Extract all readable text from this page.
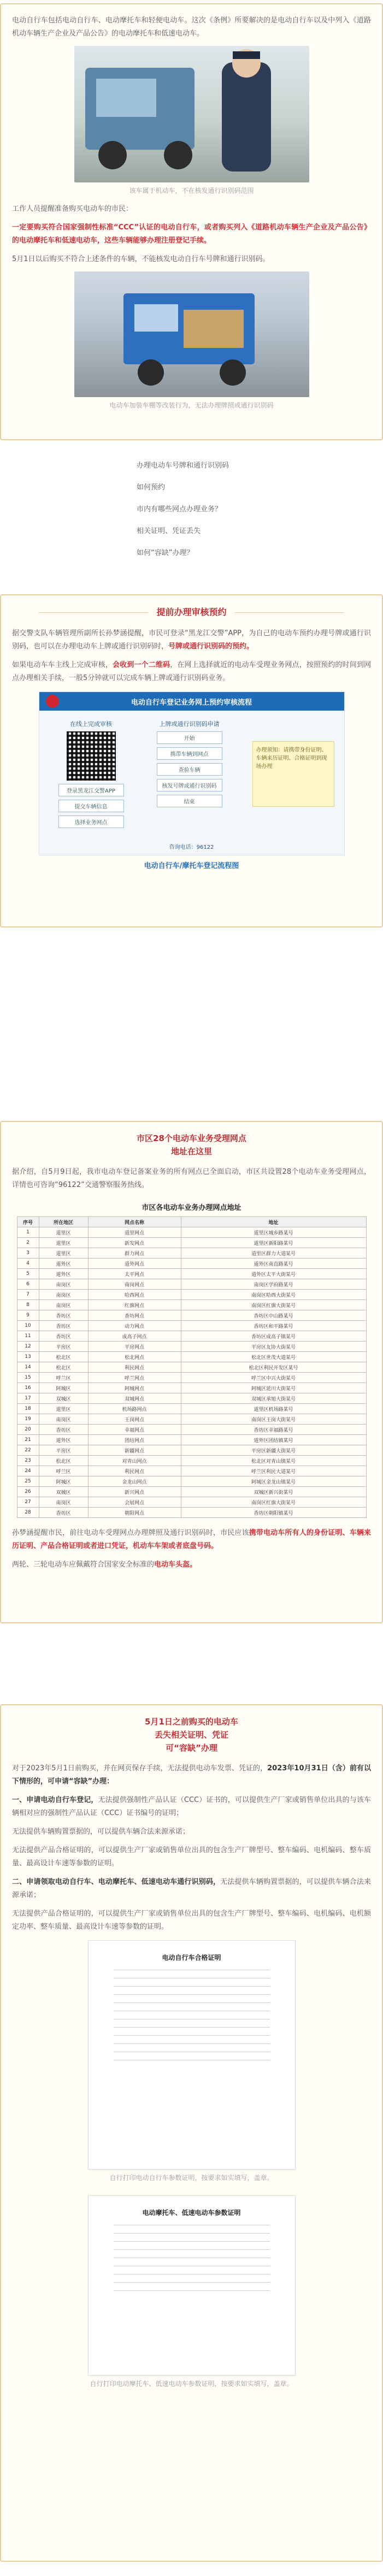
电动自行车包括电动自行车、电动摩托车和轻便电动车。这次《条例》所要解决的是电动自行车以及中列入《道路机动车辆生产企业及产品公告》的电动摩托车和低速电动车。

该车属于机动车，不在核发通行识别码范围

工作人员提醒准备购买电动车的市民：

一定要购买符合国家强制性标准“CCC”认证的电动自行车，或者购买列入《道路机动车辆生产企业及产品公告》的电动摩托车和低速电动车，这些车辆能够办理注册登记手续。

5月1日以后购买不符合上述条件的车辆，不能核发电动自行车号牌和通行识别码。

电动车加装车棚等改装行为，无法办理牌照或通行识别码

办理电动车号牌和通行识别码

如何预约

市内有哪些网点办理业务？

相关证明、凭证丢失

如何“容缺”办理？

提前办理审核预约

据交警支队车辆管理所副所长孙梦涵提醒，市民可登录“黑龙江交警”APP，为自己的电动车预约办理号牌或通行识别码，也可以在办理电动车上牌或通行识别码时，号牌或通行识别码的预约。

如果电动车车主线上完成审核，会收到一个二维码，在网上选择就近的电动车受理业务网点，按照预约的时间到网点办理相关手续，一般5分钟就可以完成车辆上牌或通行识别码业务。

电动自行车登记业务网上预约审核流程
在线上完成审核
登录黑龙江交警APP
提交车辆信息
选择业务网点
上牌或通行识别码申请
开始
携带车辆到网点
查验车辆
核发号牌或通行识别码
结束
办理须知：请携带身份证明、车辆来历证明、合格证明到现场办理
咨询电话：96122

电动自行车/摩托车登记流程图

市区28个电动车业务受理网点

地址在这里

据介绍，自5月9日起，我市电动车登记备案业务的所有网点已全面启动，市区共设置28个电动车业务受理网点，详情也可咨询“96122”交通警察服务热线。

市区各电动车业务办理网点地址
序号	所在地区	网点名称	地址
1	道里区	道里网点	道里区城乡路某号
2	道里区	新发网点	道里区新阳路某号
3	道里区	群力网点	道里区群力大道某号
4	道外区	道外网点	道外区南直路某号
5	道外区	太平网点	道外区太平大街某号
6	南岗区	南岗网点	南岗区学府路某号
7	南岗区	哈西网点	南岗区哈西大街某号
8	南岗区	红旗网点	南岗区红旗大街某号
9	香坊区	香坊网点	香坊区中山路某号
10	香坊区	动力网点	香坊区和平路某号
11	香坊区	成高子网点	香坊区成高子镇某号
12	平房区	平房网点	平房区友协大街某号
13	松北区	松北网点	松北区世茂大道某号
14	松北区	利民网点	松北区利民开发区某号
15	呼兰区	呼兰网点	呼兰区中兴大街某号
16	阿城区	阿城网点	阿城区延川大街某号
17	双城区	双城网点	双城区承旭大街某号
18	道里区	机场路网点	道里区机场路某号
19	南岗区	王岗网点	南岗区王岗大街某号
20	香坊区	幸福网点	香坊区幸福路某号
21	道外区	团结网点	道外区团结镇某号
22	平房区	新疆网点	平房区新疆大街某号
23	松北区	对青山网点	松北区对青山镇某号
24	呼兰区	利民网点	呼兰区利民大道某号
25	阿城区	金龙山网点	阿城区金龙山镇某号
26	双城区	新兴网点	双城区新兴街某号
27	南岗区	会展网点	南岗区红旗大街某号
28	香坊区	朝阳网点	香坊区朝阳镇某号

孙梦涵提醒市民，前往电动车受理网点办理牌照及通行识别码时，市民应该携带电动车所有人的身份证明、车辆来历证明、产品合格证明或者进口凭证，机动车车架或者底盘号码。

两轮、三轮电动车应佩戴符合国家安全标准的电动车头盔。

5月1日之前购买的电动车

丢失相关证明、凭证

可“容缺”办理

对于2023年5月1日前购买，并在网页保存手续，无法提供电动车发票、凭证的，2023年10月31日（含）前有以下情形的，可申请“容缺”办理：

一、申请电动自行车登记，无法提供强制性产品认证（CCC）证书的，可以提供生产厂家或销售单位出具的与该车辆相对应的强制性产品认证（CCC）证书编号的证明；

无法提供车辆购置票据的，可以提供车辆合法来源承诺；

无法提供产品合格证明的，可以提供生产厂家或销售单位出具的包含生产厂牌型号、整车编码、电机编码、整车质量、最高设计车速等参数的证明。

二、申请领取电动自行车、电动摩托车、低速电动车通行识别码，无法提供车辆购置票据的，可以提供车辆合法来源承诺；

无法提供产品合格证明的，可以提供生产厂家或销售单位出具的包含生产厂牌型号、整车编码、电机编码、电机额定功率、整车质量、最高设计车速等参数的证明。

电动自行车合格证明

自行打印电动自行车参数证明，按要求如实填写，盖章。

电动摩托车、低速电动车参数证明

自行打印电动摩托车、低速电动车参数证明，按要求如实填写，盖章。
